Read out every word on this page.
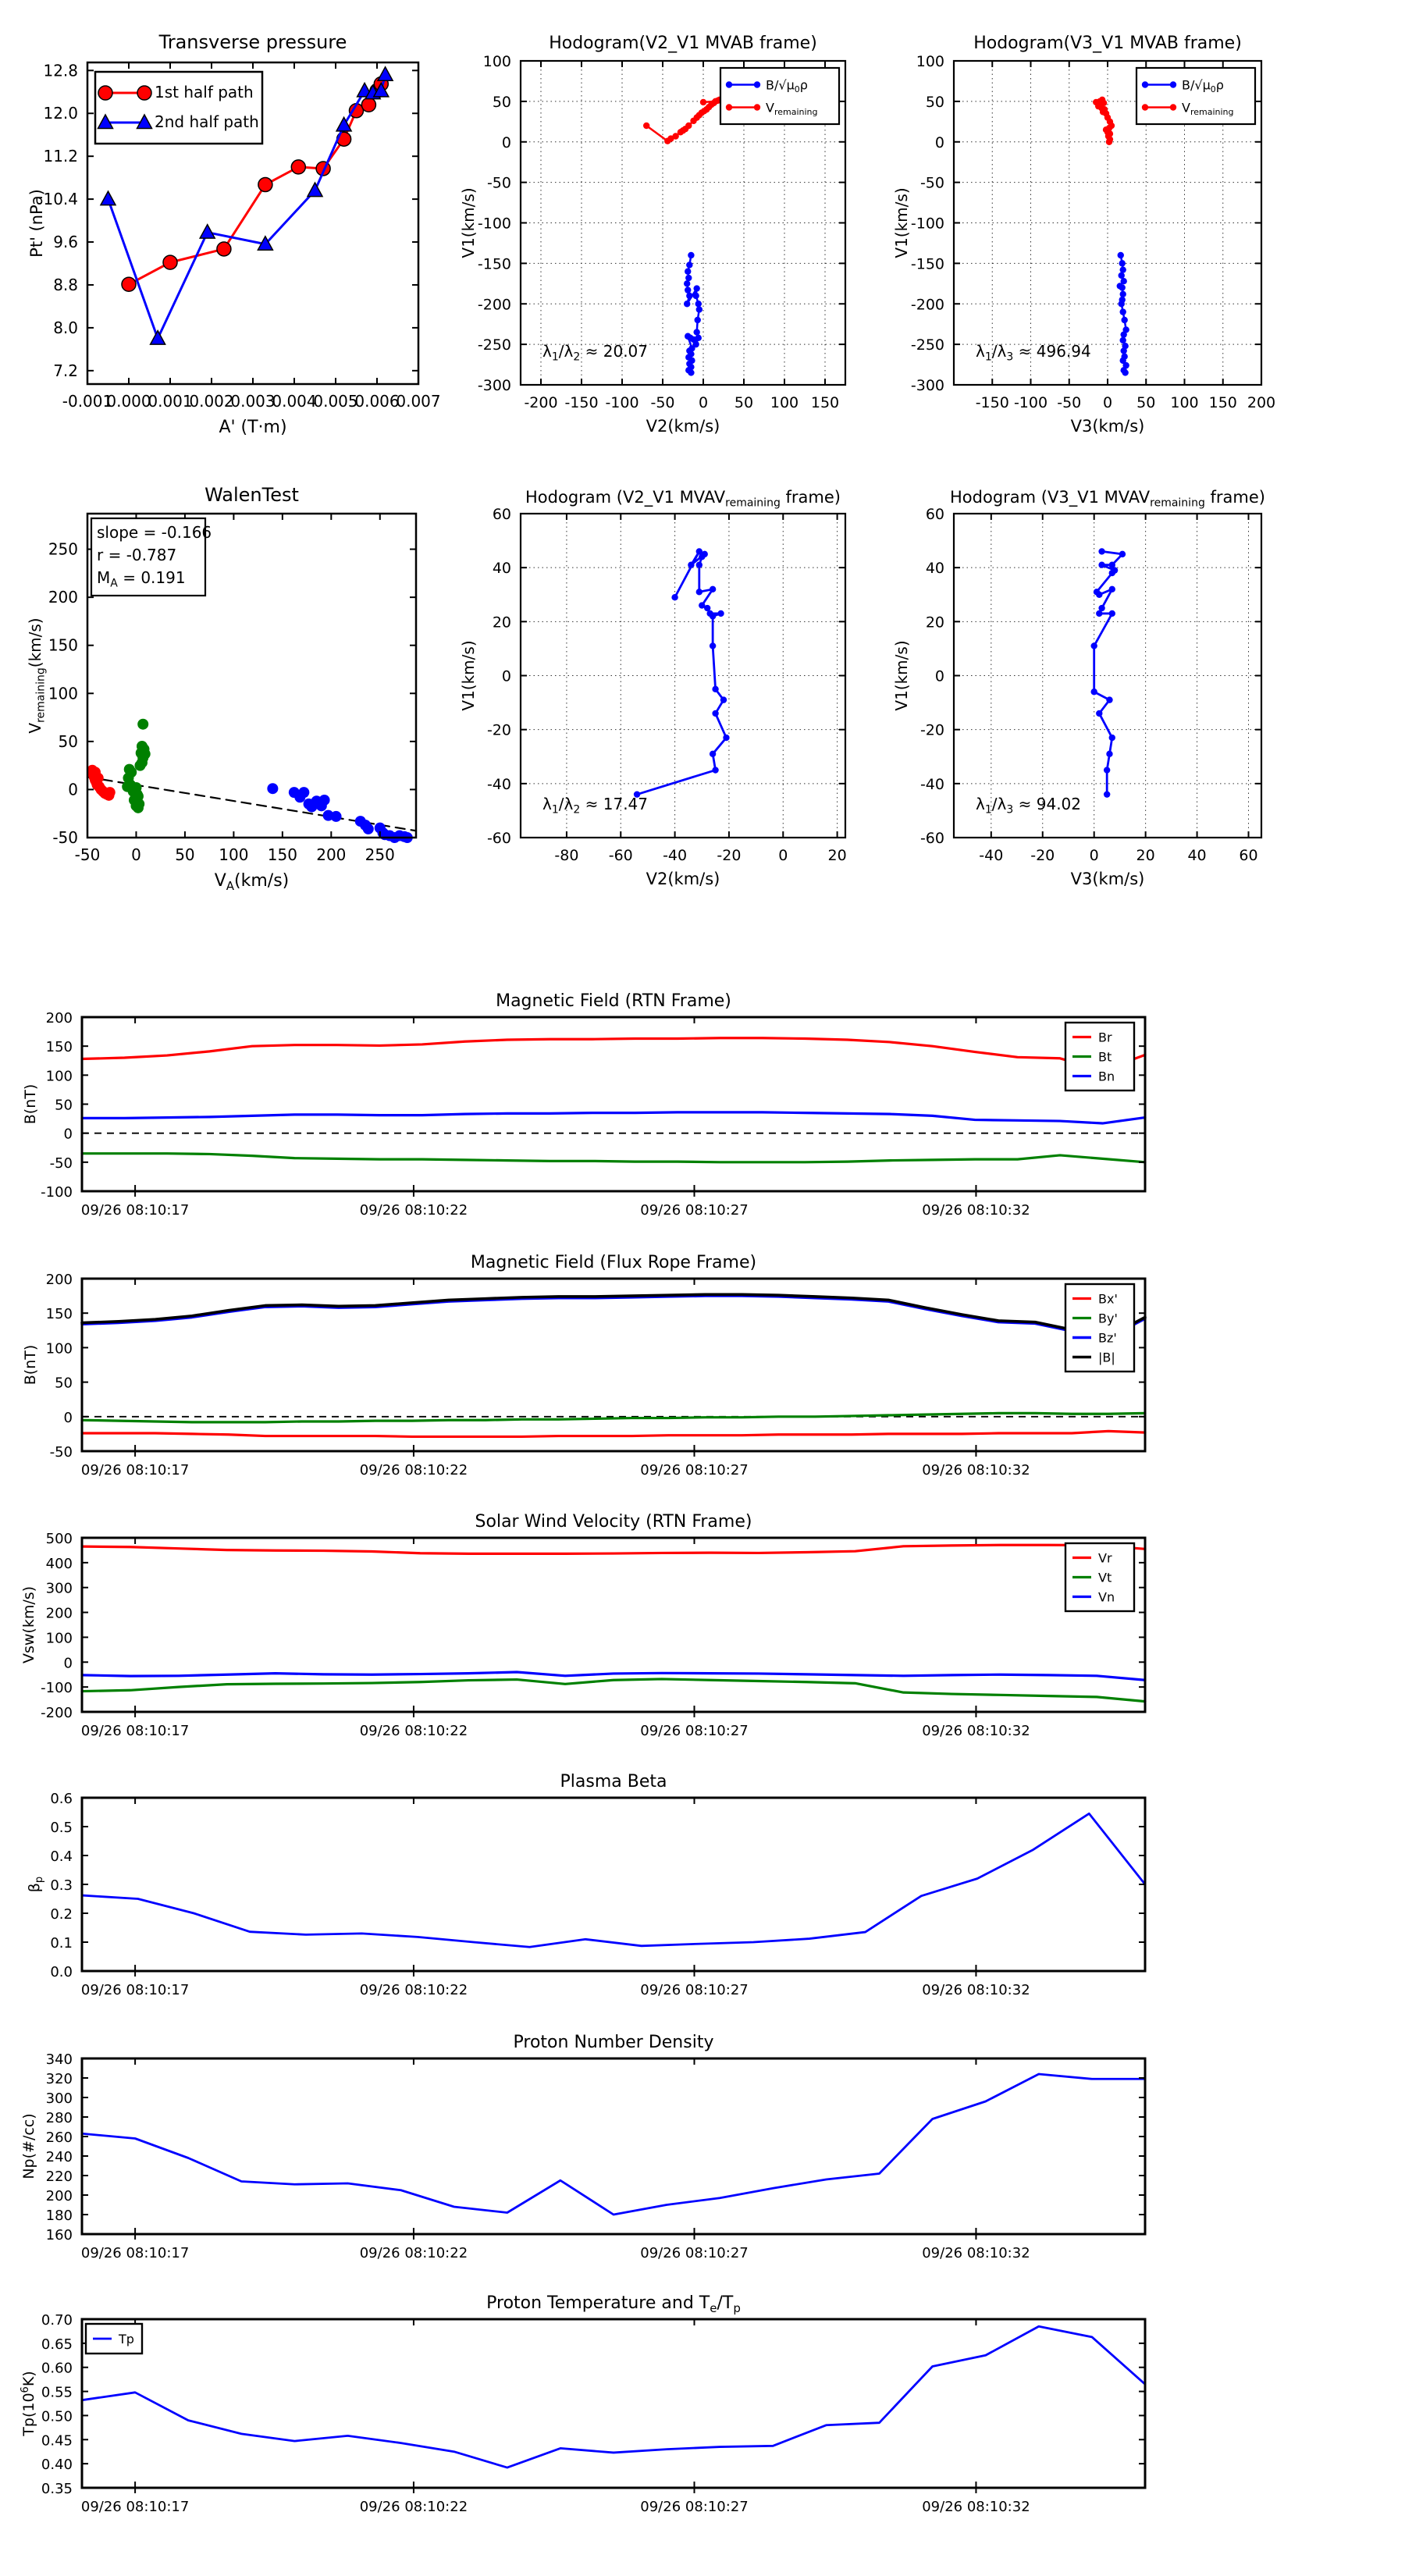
-0.001
0.000
0.001
0.002
0.003
0.004
0.005
0.006
0.007
7.2
8.0
8.8
9.6
10.4
11.2
12.0
12.8
Transverse pressure
A' (T·m)
Pt' (nPa)
1st half path
2nd half path
-200 -150 -100 -50 0 50 100 150
-300
-250
-200
-150
-100
-50
0
50
100
Hodogram(V2_V1 MVAB frame)
V2(km/s)
V1(km/s)
$B/√\mu_0\rho$
$V_{remaining}$
$\lambda_1/\lambda_2 \approx 20.07$
-150 -100 -50 0 50 100 150 200
-300
-250
-200
-150
-100
-50
0
50
100
Hodogram(V3_V1 MVAB frame)
V3(km/s)
V1(km/s)
$B/√\mu_0\rho$
$V_{remaining}$
$\lambda_1/\lambda_3 \approx 496.94$
-50 0 50 100 150 200 250
-50
0
50
100
150
200
250
WalenTest
$V_A(km/s)$
$V_{remaining}(km/s)$
slope = -0.166
r = -0.787
$M_A = 0.191$
-80 -60 -40 -20	0	20
-60
-40
-20
0
20
40
60
Hodogram (V2_V1 $MVAV_{remaining}$ frame)
V2(km/s)
V1(km/s)
$\lambda_1/\lambda_2 \approx 17.47$
-40 -20 0	20 40 60
-60
-40
-20
0
20
40
60
Hodogram (V3_V1 $MVAV_{remaining}$ frame)
V3(km/s)
V1(km/s)
$\lambda_1/\lambda_3 \approx 94.02$
09/26 08:10:17	09/26 08:10:22	09/26 08:10:27	09/26 08:10:32
-100
-50
0
50
100
150
200
Magnetic Field (RTN Frame)
B(nT)
Br
Bt
Bn
09/26 08:10:17	09/26 08:10:22	09/26 08:10:27	09/26 08:10:32
-50
0
50
100
150
200
Magnetic Field (Flux Rope Frame)
B(nT)
Bx'
By'
Bz'
|B|
09/26 08:10:17	09/26 08:10:22	09/26 08:10:27	09/26 08:10:32
-200
-100
0
100
200
300
400
500
Solar Wind Velocity (RTN Frame)
Vsw(km/s)
Vr
Vt
Vn
09/26 08:10:17	09/26 08:10:22	09/26 08:10:27	09/26 08:10:32
0.0
0.1
0.2
0.3
0.4
0.5
0.6
Plasma Beta
$\beta_p$
09/26 08:10:17	09/26 08:10:22	09/26 08:10:27	09/26 08:10:32
160
180
200
220
240
260
280
300
320
340
Proton Number Density
Np(#/cc)
09/26 08:10:17	09/26 08:10:22	09/26 08:10:27	09/26 08:10:32
0.35
0.40
0.45
0.50
0.55
0.60
0.65
0.70
Proton Temperature and $T_e/T_p$
$Tp(10^6K)$
Tp
